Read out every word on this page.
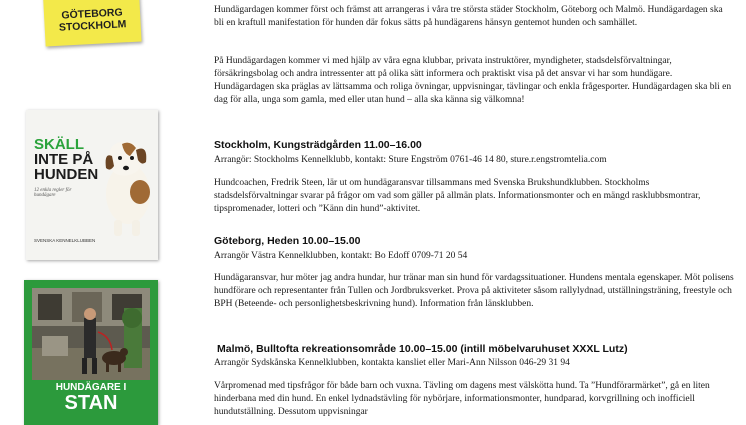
GÖTEBORG
STOCKHOLM
SKÄLL
INTE PÅ
HUNDEN
12 enkla regler för hundägare
SVENSKA KENNELKLUBBEN
HUNDÄGARE I
STAN

Hundägardagen kommer först och främst att arrangeras i våra tre största städer Stockholm, Göteborg och Malmö. Hundägardagen ska bli en kraftull manifestation för hunden där fokus sätts på hundägarens hänsyn gentemot hunden och samhället.

På Hundägardagen kommer vi med hjälp av våra egna klubbar, privata instruktörer, myndigheter, stadsdelsförvaltningar, försäkringsbolag och andra intressenter att på olika sätt informera och praktiskt visa på det ansvar vi har som hundägare. Hundägardagen ska präglas av lättsamma och roliga övningar, uppvisningar, tävlingar och enkla frågesporter. Hundägardagen ska bli en dag för alla, unga som gamla, med eller utan hund – alla ska känna sig välkomna!

Stockholm, Kungsträdgården 11.00–16.00
Arrangör: Stockholms Kennelklubb, kontakt: Sture Engström 0761-46 14 80, sture.r.engstromtelia.com
Hundcoachen, Fredrik Steen, lär ut om hundägaransvar tillsammans med Svenska Brukshundklubben. Stockholms stadsdelsförvaltningar svarar på frågor om vad som gäller på allmän plats. Informationsmonter och en mängd rasklubbsmontrar, tipspromenader, lotteri och ”Känn din hund”-aktivitet.
Göteborg, Heden 10.00–15.00
Arrangör Västra Kennelklubben, kontakt: Bo Edoff 0709-71 20 54
Hundägaransvar, hur möter jag andra hundar, hur tränar man sin hund för vardagssituationer. Hundens mentala egenskaper. Möt polisens hundförare och representanter från Tullen och Jordbruksverket. Prova på aktiviteter såsom rallylydnad, utställningsträning, freestyle och BPH (Beteende- och personlighetsbeskrivning hund). Information från länsklubben.
Malmö, Bulltofta rekreationsområde 10.00–15.00 (intill möbelvaruhuset XXXL Lutz)
Arrangör Sydskånska Kennelklubben, kontakta kansliet eller Mari-Ann Nilsson 046-29 31 94
Vårpromenad med tipsfrågor för både barn och vuxna. Tävling om dagens mest välskötta hund. Ta ”Hundförarmärket”, gå en liten hinderbana med din hund. En enkel lydnadstävling för nybörjare, informationsmonter, hundparad, korvgrillning och inofficiell hundutställning. Dessutom uppvisningar
